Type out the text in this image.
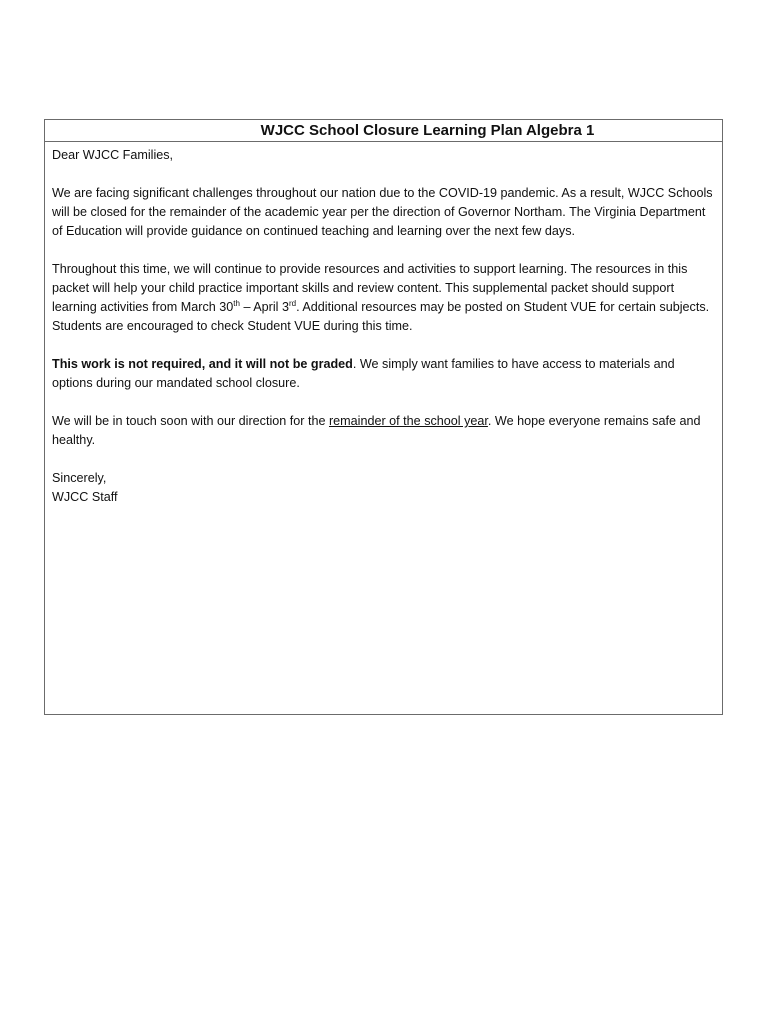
WJCC School Closure Learning Plan Algebra 1

Dear WJCC Families,

We are facing significant challenges throughout our nation due to the COVID-19 pandemic. As a result, WJCC Schools will be closed for the remainder of the academic year per the direction of Governor Northam. The Virginia Department of Education will provide guidance on continued teaching and learning over the next few days.

Throughout this time, we will continue to provide resources and activities to support learning. The resources in this packet will help your child practice important skills and review content. This supplemental packet should support learning activities from March 30th – April 3rd. Additional resources may be posted on Student VUE for certain subjects. Students are encouraged to check Student VUE during this time.

This work is not required, and it will not be graded. We simply want families to have access to materials and options during our mandated school closure.

We will be in touch soon with our direction for the remainder of the school year. We hope everyone remains safe and healthy.

Sincerely,
WJCC Staff
